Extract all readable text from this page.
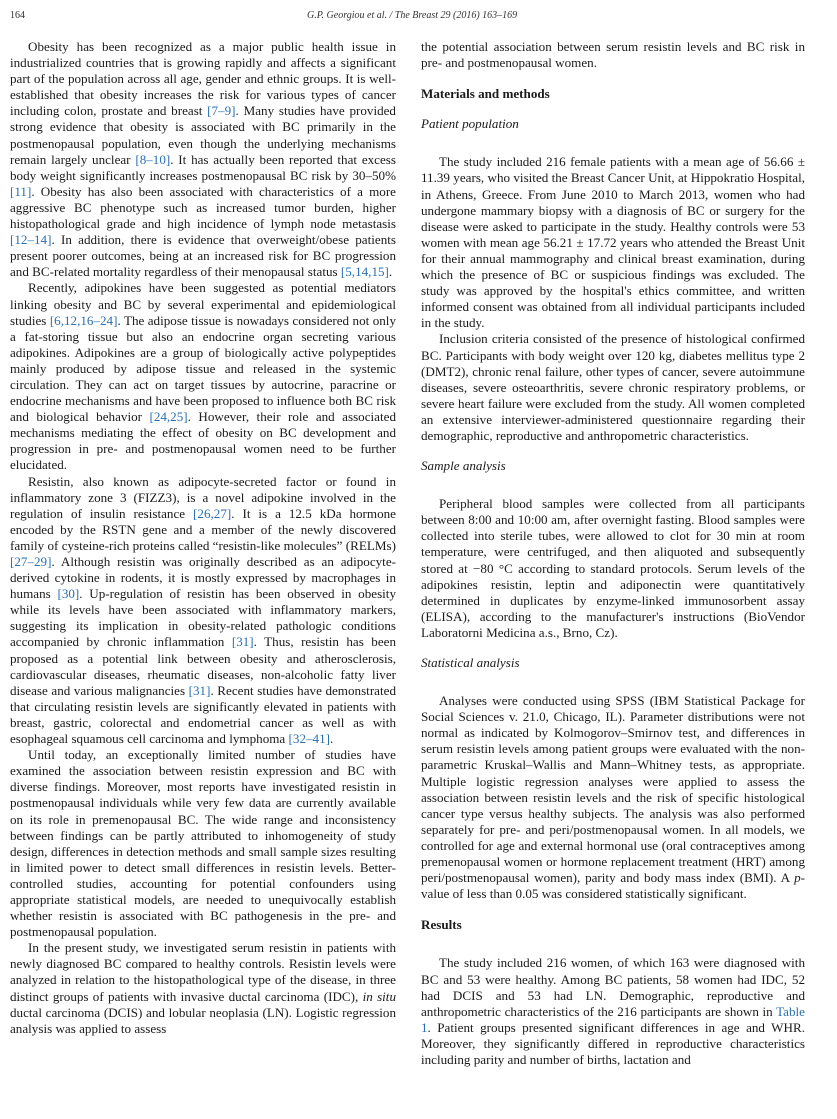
164	G.P. Georgiou et al. / The Breast 29 (2016) 163–169

Obesity has been recognized as a major public health issue in industrialized countries that is growing rapidly and affects a significant part of the population across all age, gender and ethnic groups. It is well-established that obesity increases the risk for various types of cancer including colon, prostate and breast [7–9]. Many studies have provided strong evidence that obesity is associated with BC primarily in the postmenopausal population, even though the underlying mechanisms remain largely unclear [8–10]. It has actually been reported that excess body weight significantly increases postmenopausal BC risk by 30–50% [11]. Obesity has also been associated with characteristics of a more aggressive BC phenotype such as increased tumor burden, higher histopathological grade and high incidence of lymph node metastasis [12–14]. In addition, there is evidence that overweight/obese patients present poorer outcomes, being at an increased risk for BC progression and BC-related mortality regardless of their menopausal status [5,14,15].

Recently, adipokines have been suggested as potential mediators linking obesity and BC by several experimental and epidemiological studies [6,12,16–24]. The adipose tissue is nowadays considered not only a fat-storing tissue but also an endocrine organ secreting various adipokines. Adipokines are a group of biologically active polypeptides mainly produced by adipose tissue and released in the systemic circulation. They can act on target tissues by autocrine, paracrine or endocrine mechanisms and have been proposed to influence both BC risk and biological behavior [24,25]. However, their role and associated mechanisms mediating the effect of obesity on BC development and progression in pre- and postmenopausal women need to be further elucidated.

Resistin, also known as adipocyte-secreted factor or found in inflammatory zone 3 (FIZZ3), is a novel adipokine involved in the regulation of insulin resistance [26,27]. It is a 12.5 kDa hormone encoded by the RSTN gene and a member of the newly discovered family of cysteine-rich proteins called “resistin-like molecules” (RELMs) [27–29]. Although resistin was originally described as an adipocyte-derived cytokine in rodents, it is mostly expressed by macrophages in humans [30]. Up-regulation of resistin has been observed in obesity while its levels have been associated with inflammatory markers, suggesting its implication in obesity-related pathologic conditions accompanied by chronic inflammation [31]. Thus, resistin has been proposed as a potential link between obesity and atherosclerosis, cardiovascular diseases, rheumatic diseases, non-alcoholic fatty liver disease and various malignancies [31]. Recent studies have demonstrated that circulating resistin levels are significantly elevated in patients with breast, gastric, colorectal and endometrial cancer as well as with esophageal squamous cell carcinoma and lymphoma [32–41].

Until today, an exceptionally limited number of studies have examined the association between resistin expression and BC with diverse findings. Moreover, most reports have investigated resistin in postmenopausal individuals while very few data are currently available on its role in premenopausal BC. The wide range and inconsistency between findings can be partly attributed to inhomogeneity of study design, differences in detection methods and small sample sizes resulting in limited power to detect small differences in resistin levels. Better-controlled studies, accounting for potential confounders using appropriate statistical models, are needed to unequivocally establish whether resistin is associated with BC pathogenesis in the pre- and postmenopausal population.

In the present study, we investigated serum resistin in patients with newly diagnosed BC compared to healthy controls. Resistin levels were analyzed in relation to the histopathological type of the disease, in three distinct groups of patients with invasive ductal carcinoma (IDC), in situ ductal carcinoma (DCIS) and lobular neoplasia (LN). Logistic regression analysis was applied to assess

the potential association between serum resistin levels and BC risk in pre- and postmenopausal women.

Materials and methods
Patient population

The study included 216 female patients with a mean age of 56.66 ± 11.39 years, who visited the Breast Cancer Unit, at Hippokratio Hospital, in Athens, Greece. From June 2010 to March 2013, women who had undergone mammary biopsy with a diagnosis of BC or surgery for the disease were asked to participate in the study. Healthy controls were 53 women with mean age 56.21 ± 17.72 years who attended the Breast Unit for their annual mammography and clinical breast examination, during which the presence of BC or suspicious findings was excluded. The study was approved by the hospital's ethics committee, and written informed consent was obtained from all individual participants included in the study.

Inclusion criteria consisted of the presence of histological confirmed BC. Participants with body weight over 120 kg, diabetes mellitus type 2 (DMT2), chronic renal failure, other types of cancer, severe autoimmune diseases, severe osteoarthritis, severe chronic respiratory problems, or severe heart failure were excluded from the study. All women completed an extensive interviewer-administered questionnaire regarding their demographic, reproductive and anthropometric characteristics.

Sample analysis

Peripheral blood samples were collected from all participants between 8:00 and 10:00 am, after overnight fasting. Blood samples were collected into sterile tubes, were allowed to clot for 30 min at room temperature, were centrifuged, and then aliquoted and subsequently stored at −80 °C according to standard protocols. Serum levels of the adipokines resistin, leptin and adiponectin were quantitatively determined in duplicates by enzyme-linked immunosorbent assay (ELISA), according to the manufacturer's instructions (BioVendor Laboratorni Medicina a.s., Brno, Cz).

Statistical analysis

Analyses were conducted using SPSS (IBM Statistical Package for Social Sciences v. 21.0, Chicago, IL). Parameter distributions were not normal as indicated by Kolmogorov–Smirnov test, and differences in serum resistin levels among patient groups were evaluated with the non-parametric Kruskal–Wallis and Mann–Whitney tests, as appropriate. Multiple logistic regression analyses were applied to assess the association between resistin levels and the risk of specific histological cancer type versus healthy subjects. The analysis was also performed separately for pre- and peri/postmenopausal women. In all models, we controlled for age and external hormonal use (oral contraceptives among premenopausal women or hormone replacement treatment (HRT) among peri/postmenopausal women), parity and body mass index (BMI). A p-value of less than 0.05 was considered statistically significant.

Results

The study included 216 women, of which 163 were diagnosed with BC and 53 were healthy. Among BC patients, 58 women had IDC, 52 had DCIS and 53 had LN. Demographic, reproductive and anthropometric characteristics of the 216 participants are shown in Table 1. Patient groups presented significant differences in age and WHR. Moreover, they significantly differed in reproductive characteristics including parity and number of births, lactation and
